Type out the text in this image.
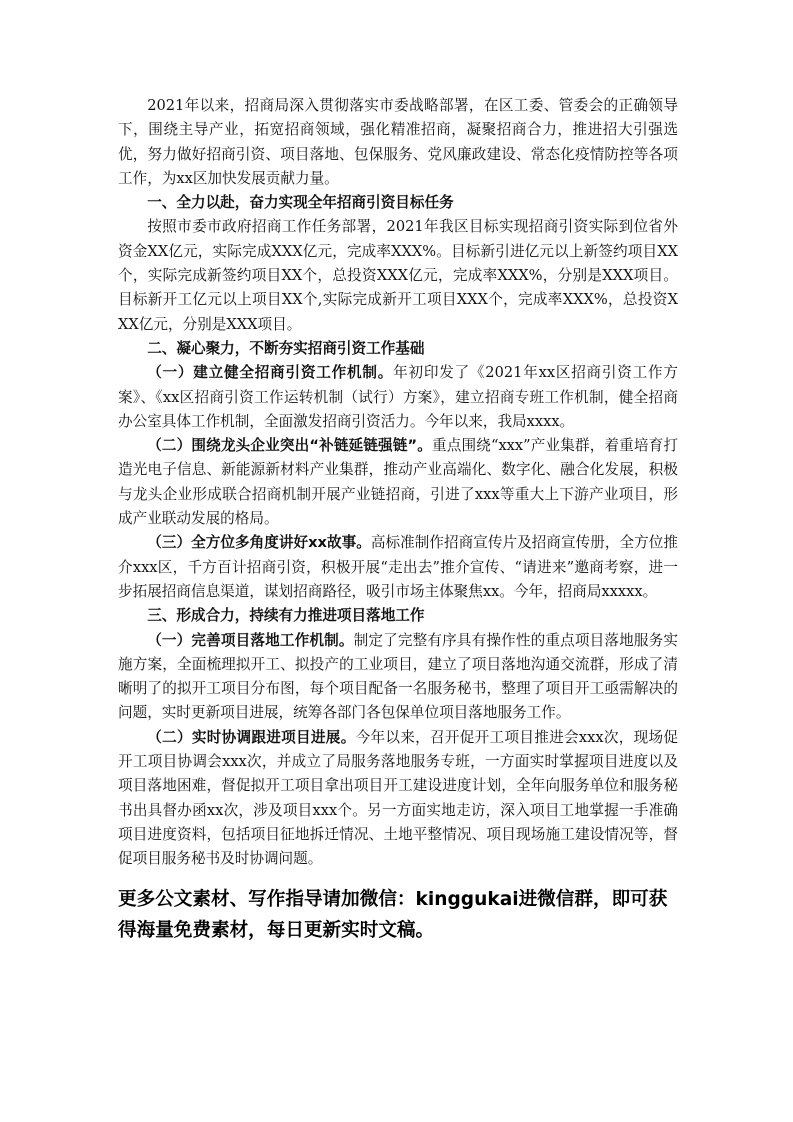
2021年以来，招商局深入贯彻落实市委战略部署，在区工委、管委会的正确领导下，围绕主导产业，拓宽招商领域，强化精准招商，凝聚招商合力，推进招大引强选优，努力做好招商引资、项目落地、包保服务、党风廉政建设、常态化疫情防控等各项工作，为xx区加快发展贡献力量。

一、全力以赴，奋力实现全年招商引资目标任务

按照市委市政府招商工作任务部署，2021年我区目标实现招商引资实际到位省外资金XX亿元，实际完成XXX亿元，完成率XXX%。目标新引进亿元以上新签约项目XX个，实际完成新签约项目XX个，总投资XXX亿元，完成率XXX%，分别是XXX项目。目标新开工亿元以上项目XX个,实际完成新开工项目XXX个，完成率XXX%，总投资XXX亿元，分别是XXX项目。

二、凝心聚力，不断夯实招商引资工作基础

（一）建立健全招商引资工作机制。年初印发了《2021年xx区招商引资工作方案》、《xx区招商引资工作运转机制（试行）方案》，建立招商专班工作机制，健全招商办公室具体工作机制，全面激发招商引资活力。今年以来，我局xxxx。

（二）围绕龙头企业突出“补链延链强链”。重点围绕“xxx”产业集群，着重培育打造光电子信息、新能源新材料产业集群，推动产业高端化、数字化、融合化发展，积极与龙头企业形成联合招商机制开展产业链招商，引进了xxx等重大上下游产业项目，形成产业联动发展的格局。

（三）全方位多角度讲好xx故事。高标准制作招商宣传片及招商宣传册，全方位推介xxx区，千方百计招商引资，积极开展“走出去”推介宣传、“请进来”邀商考察，进一步拓展招商信息渠道，谋划招商路径，吸引市场主体聚焦xx。今年，招商局xxxxx。

三、形成合力，持续有力推进项目落地工作

（一）完善项目落地工作机制。制定了完整有序具有操作性的重点项目落地服务实施方案，全面梳理拟开工、拟投产的工业项目，建立了项目落地沟通交流群，形成了清晰明了的拟开工项目分布图，每个项目配备一名服务秘书，整理了项目开工亟需解决的问题，实时更新项目进展，统筹各部门各包保单位项目落地服务工作。

（二）实时协调跟进项目进展。今年以来，召开促开工项目推进会xxx次，现场促开工项目协调会xxx次，并成立了局服务落地服务专班，一方面实时掌握项目进度以及项目落地困难，督促拟开工项目拿出项目开工建设进度计划，全年向服务单位和服务秘书出具督办函xx次，涉及项目xxx个。另一方面实地走访，深入项目工地掌握一手准确项目进度资料，包括项目征地拆迁情况、土地平整情况、项目现场施工建设情况等，督促项目服务秘书及时协调问题。

更多公文素材、写作指导请加微信：kinggukai进微信群，即可获得海量免费素材，每日更新实时文稿。
